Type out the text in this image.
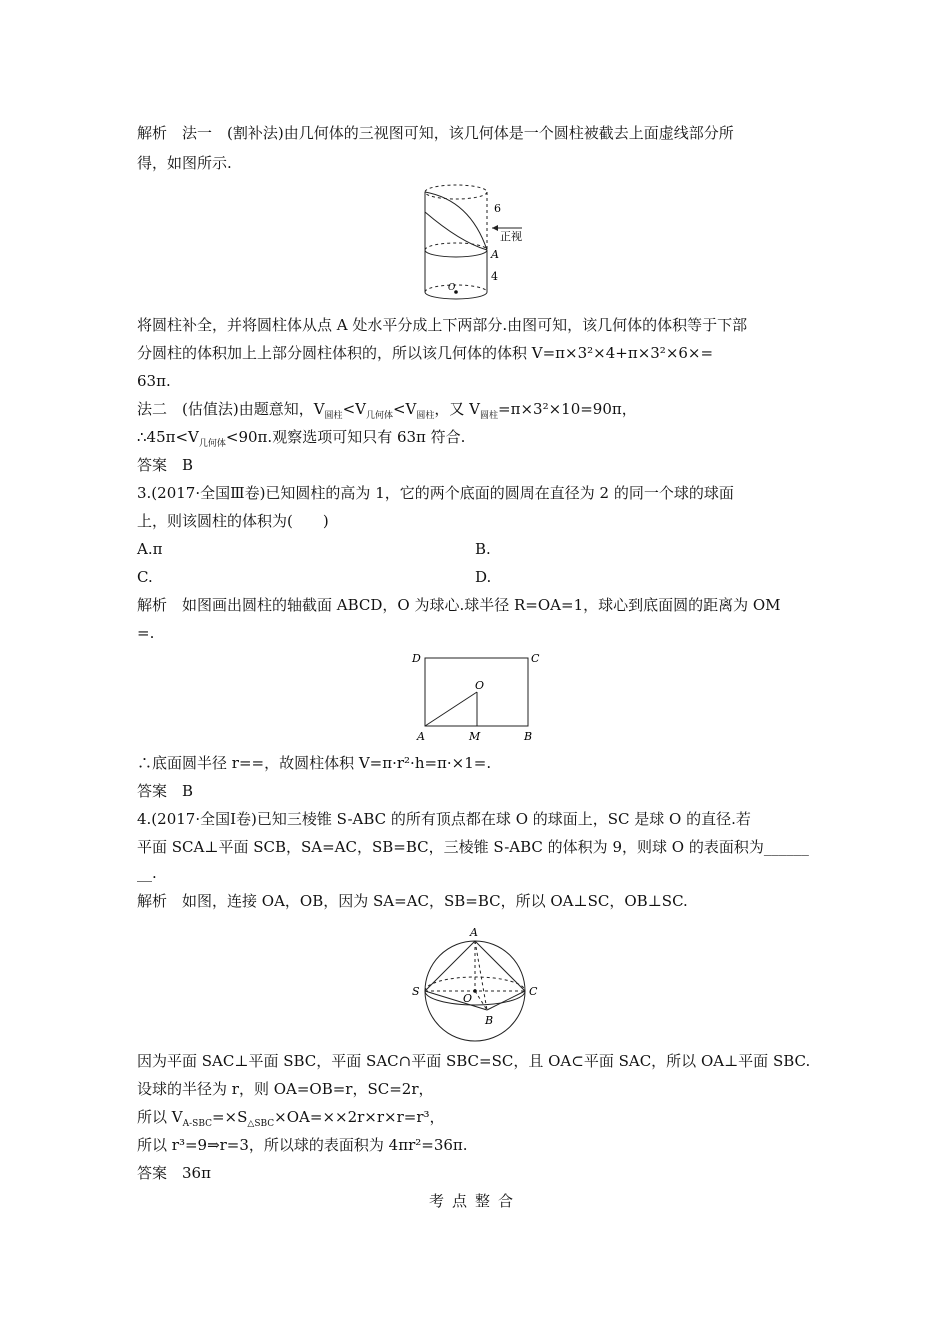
解析　法一　(割补法)由几何体的三视图可知，该几何体是一个圆柱被截去上面虚线部分所
得，如图所示.
6
正视
A
4
O
将圆柱补全，并将圆柱体从点 A 处水平分成上下两部分.由图可知，该几何体的体积等于下部
分圆柱的体积加上上部分圆柱体积的，所以该几何体的体积 V=π×3²×4+π×3²×6×=
63π.
法二　(估值法)由题意知，$V_{圆柱}<V_{几何体}<V_{圆柱}$，又 $V_{圆柱}=\pi\times 3^2\times 10=90\pi$，
$\therefore 45\pi<V_{几何体}<90\pi$.观察选项可知只有 63π 符合.
答案　B
3.(2017·全国Ⅲ卷)已知圆柱的高为 1，它的两个底面的圆周在直径为 2 的同一个球的球面
上，则该圆柱的体积为(　　)
A.π	B.
C.	D.
解析　如图画出圆柱的轴截面 ABCD，O 为球心.球半径 R=OA=1，球心到底面圆的距离为 OM
=.
D	C
O
A	M	B
∴底面圆半径 r==，故圆柱体积 V=π·r²·h=π·×1=.
答案　B
4.(2017·全国Ⅰ卷)已知三棱锥 S-ABC 的所有顶点都在球 O 的球面上，SC 是球 O 的直径.若
平面 SCA⊥平面 SCB，SA=AC，SB=BC，三棱锥 S-ABC 的体积为 9，则球 O 的表面积为______
__.
解析　如图，连接 OA，OB，因为 SA=AC，SB=BC，所以 OA⊥SC，OB⊥SC.
A
S	C
O
B
因为平面 SAC⊥平面 SBC，平面 SAC∩平面 SBC=SC，且 OA⊂平面 SAC，所以 OA⊥平面 SBC.
设球的半径为 r，则 OA=OB=r，SC=2r，
所以 $V_{A-SBC}=\times S_{\triangle SBC}\times OA=\times\times 2r\times r\times r=r^3$，
所以 r³=9⇒r=3，所以球的表面积为 4πr²=36π.
答案　36π
考点整合
